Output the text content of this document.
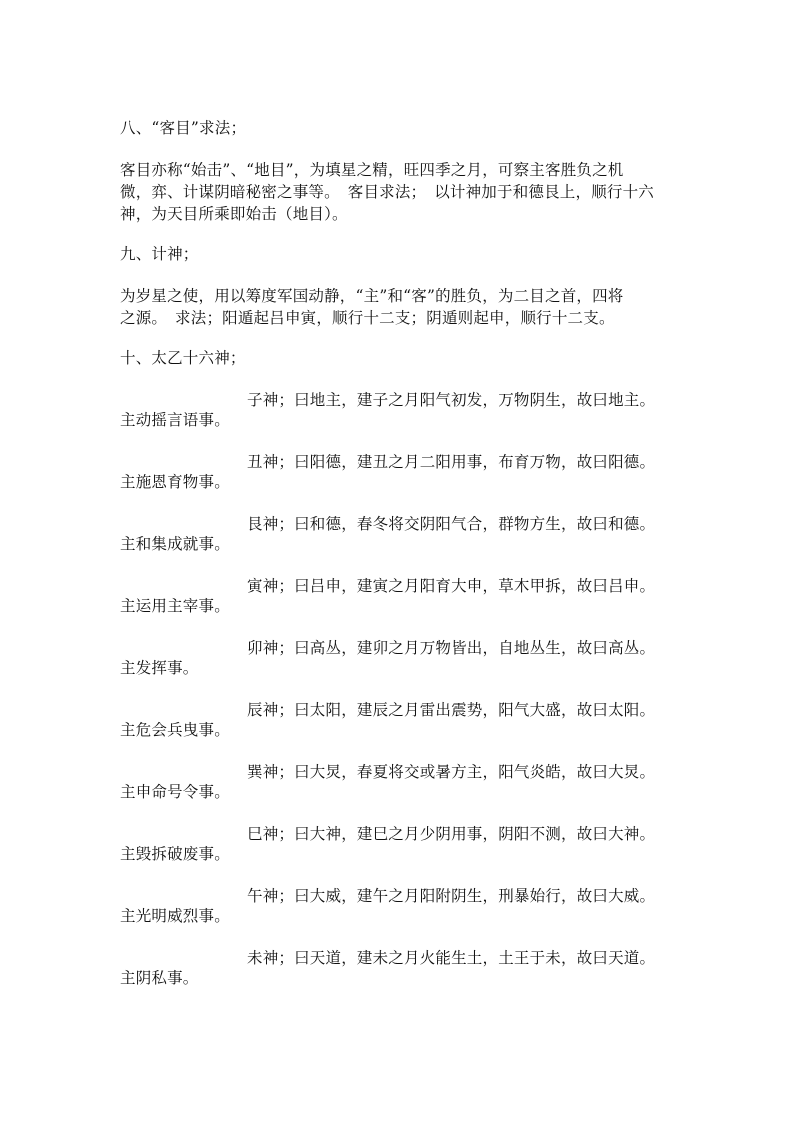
八、“客目”求法；
客目亦称“始击”、“地目”，为填星之精，旺四季之月，可察主客胜负之机
微，弈、计谋阴暗秘密之事等。　客目求法；　以计神加于和德艮上，顺行十六
神，为天目所乘即始击（地目）。
九、计神；
为岁星之使，用以筹度军国动静，“主”和“客”的胜负，为二目之首，四将
之源。　求法；阳遁起吕申寅，顺行十二支；阴遁则起申，顺行十二支。
十、太乙十六神；
子神；曰地主，建子之月阳气初发，万物阴生，故曰地主。
主动摇言语事。
丑神；曰阳德，建丑之月二阳用事，布育万物，故曰阳德。
主施恩育物事。
艮神；曰和德，春冬将交阴阳气合，群物方生，故曰和德。
主和集成就事。
寅神；曰吕申，建寅之月阳育大申，草木甲拆，故曰吕申。
主运用主宰事。
卯神；曰高丛，建卯之月万物皆出，自地丛生，故曰高丛。
主发挥事。
辰神；曰太阳，建辰之月雷出震势，阳气大盛，故曰太阳。
主危会兵曳事。
巽神；曰大炅，春夏将交或暑方主，阳气炎皓，故曰大炅。
主申命号令事。
巳神；曰大神，建巳之月少阴用事，阴阳不测，故曰大神。
主毁拆破废事。
午神；曰大威，建午之月阳附阴生，刑暴始行，故曰大威。
主光明威烈事。
未神；曰天道，建未之月火能生土，土王于未，故曰天道。
主阴私事。
